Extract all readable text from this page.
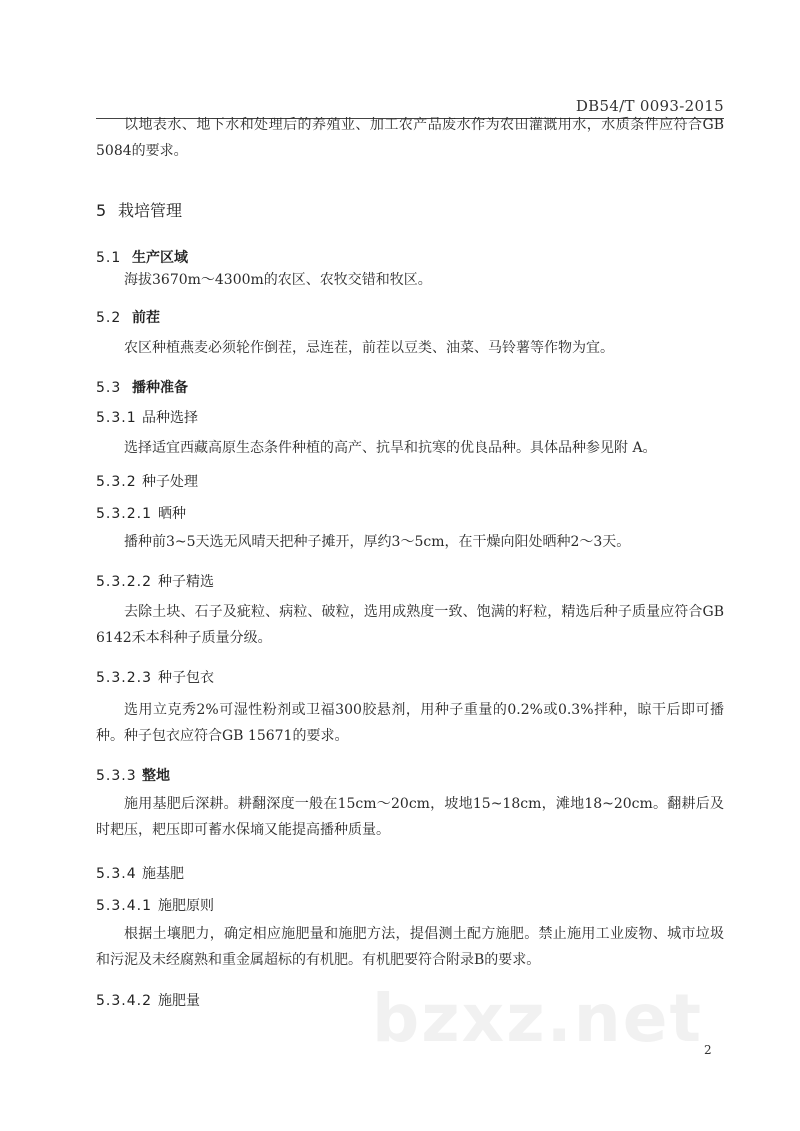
DB54/T 0093-2015

以地表水、地下水和处理后的养殖业、加工农产品废水作为农田灌溉用水，水质条件应符合GB 5084的要求。

5 栽培管理
5.1 生产区域

海拔3670m～4300m的农区、农牧交错和牧区。

5.2 前茬

农区种植燕麦必须轮作倒茬，忌连茬，前茬以豆类、油菜、马铃薯等作物为宜。

5.3 播种准备
5.3.1 品种选择

选择适宜西藏高原生态条件种植的高产、抗旱和抗寒的优良品种。具体品种参见附 A。

5.3.2 种子处理
5.3.2.1 晒种

播种前3~5天选无风晴天把种子摊开，厚约3～5cm，在干燥向阳处晒种2～3天。

5.3.2.2 种子精选

去除土块、石子及疵粒、病粒、破粒，选用成熟度一致、饱满的籽粒，精选后种子质量应符合GB 6142禾本科种子质量分级。

5.3.2.3 种子包衣

选用立克秀2%可湿性粉剂或卫福300胶悬剂，用种子重量的0.2%或0.3%拌种，晾干后即可播种。种子包衣应符合GB 15671的要求。

5.3.3 整地

施用基肥后深耕。耕翻深度一般在15cm～20cm，坡地15~18cm，滩地18~20cm。翻耕后及时耙压，耙压即可蓄水保墒又能提高播种质量。

5.3.4 施基肥
5.3.4.1 施肥原则

根据土壤肥力，确定相应施肥量和施肥方法，提倡测土配方施肥。禁止施用工业废物、城市垃圾和污泥及未经腐熟和重金属超标的有机肥。有机肥要符合附录B的要求。

5.3.4.2 施肥量	bzxz.net 2
